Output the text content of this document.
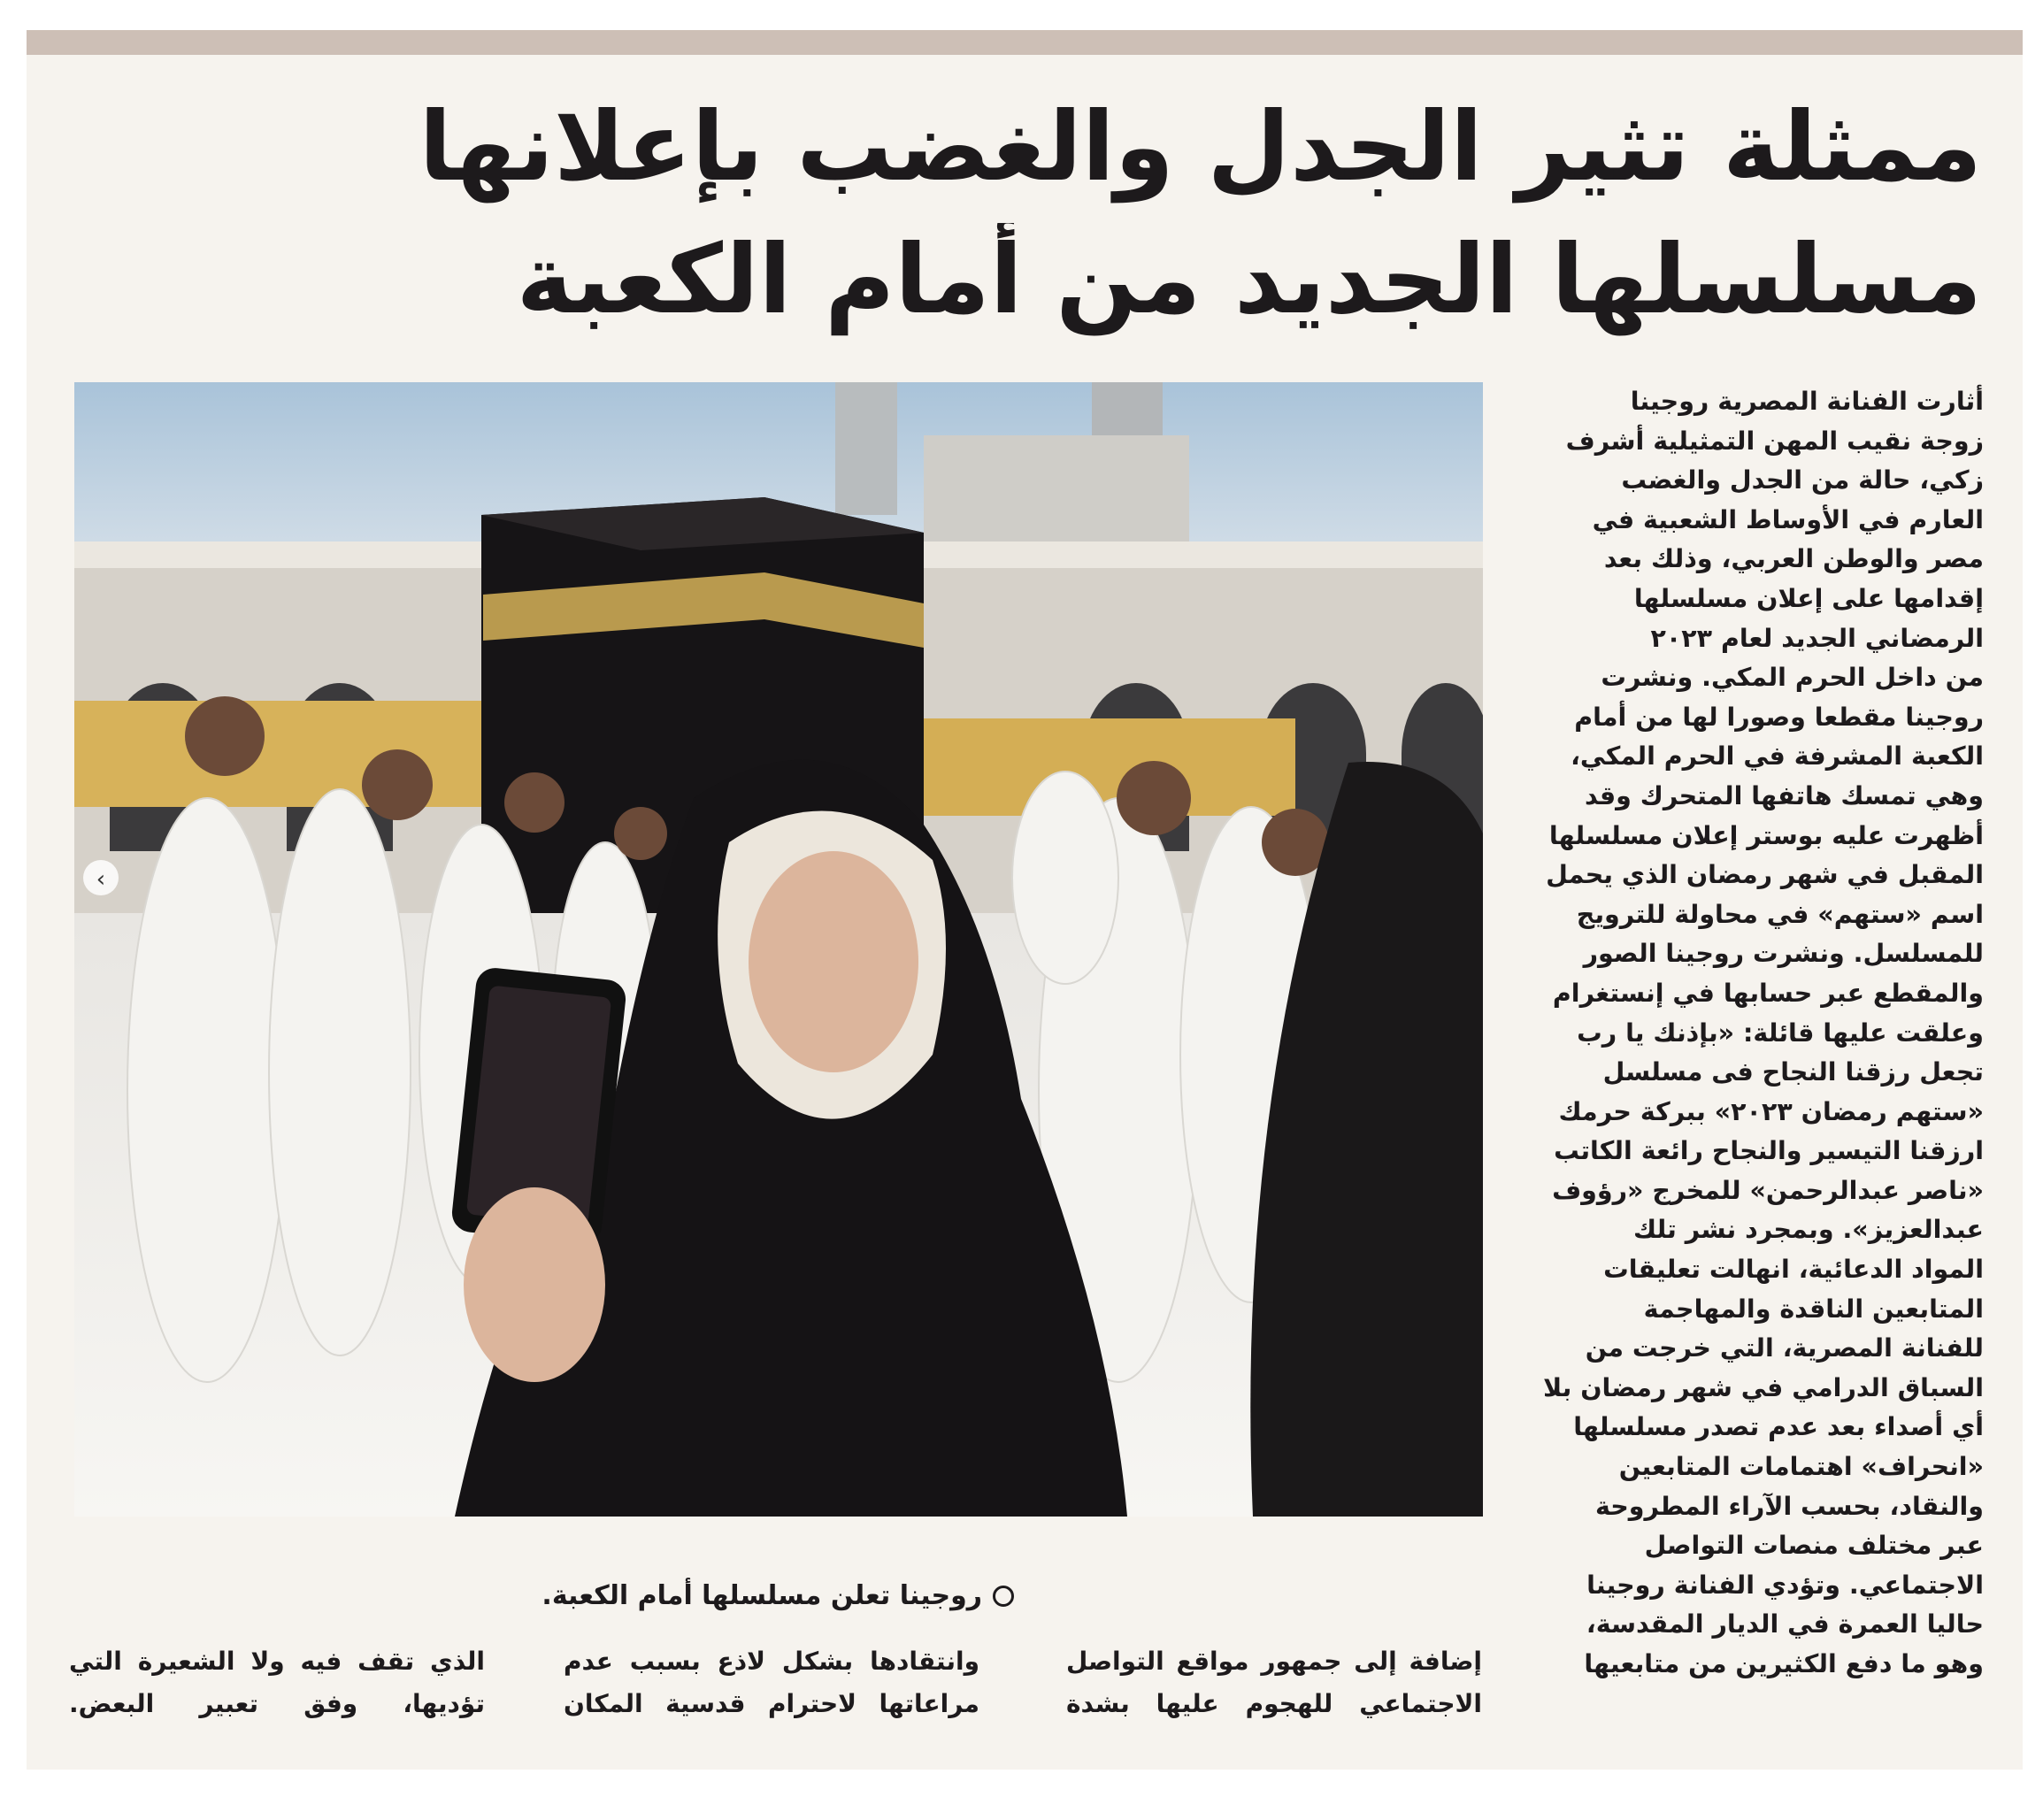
ممثلة تثير الجدل والغضب بإعلانها
مسلسلها الجديد من أمام الكعبة
‹
أثارت الفنانة المصرية روجينا
زوجة نقيب المهن التمثيلية أشرف
زكي، حالة من الجدل والغضب
العارم في الأوساط الشعبية في
مصر والوطن العربي، وذلك بعد
إقدامها على إعلان مسلسلها
الرمضاني الجديد لعام ٢٠٢٣
من داخل الحرم المكي. ونشرت
روجينا مقطعا وصورا لها من أمام
الكعبة المشرفة في الحرم المكي،
وهي تمسك هاتفها المتحرك وقد
أظهرت عليه بوستر إعلان مسلسلها
المقبل في شهر رمضان الذي يحمل
اسم «ستهم» في محاولة للترويج
للمسلسل. ونشرت روجينا الصور
والمقطع عبر حسابها في إنستغرام
وعلقت عليها قائلة: «بإذنك يا رب
تجعل رزقنا النجاح فى مسلسل
«ستهم رمضان ٢٠٢٣» ببركة حرمك
ارزقنا التيسير والنجاح رائعة الكاتب
«ناصر عبدالرحمن» للمخرج «رؤوف
عبدالعزيز». وبمجرد نشر تلك
المواد الدعائية، انهالت تعليقات
المتابعين الناقدة والمهاجمة
للفنانة المصرية، التي خرجت من
السباق الدرامي في شهر رمضان بلا
أي أصداء بعد عدم تصدر مسلسلها
«انحراف» اهتمامات المتابعين
والنقاد، بحسب الآراء المطروحة
عبر مختلف منصات التواصل
الاجتماعي. وتؤدي الفنانة روجينا
حاليا العمرة في الديار المقدسة،
وهو ما دفع الكثيرين من متابعيها
روجينا تعلن مسلسلها أمام الكعبة.
إضافة إلى جمهور مواقع التواصل
الاجتماعي للهجوم عليها بشدة
وانتقادها بشكل لاذع بسبب عدم
مراعاتها لاحترام قدسية المكان
الذي تقف فيه ولا الشعيرة التي
تؤديها، وفق تعبير البعض.
